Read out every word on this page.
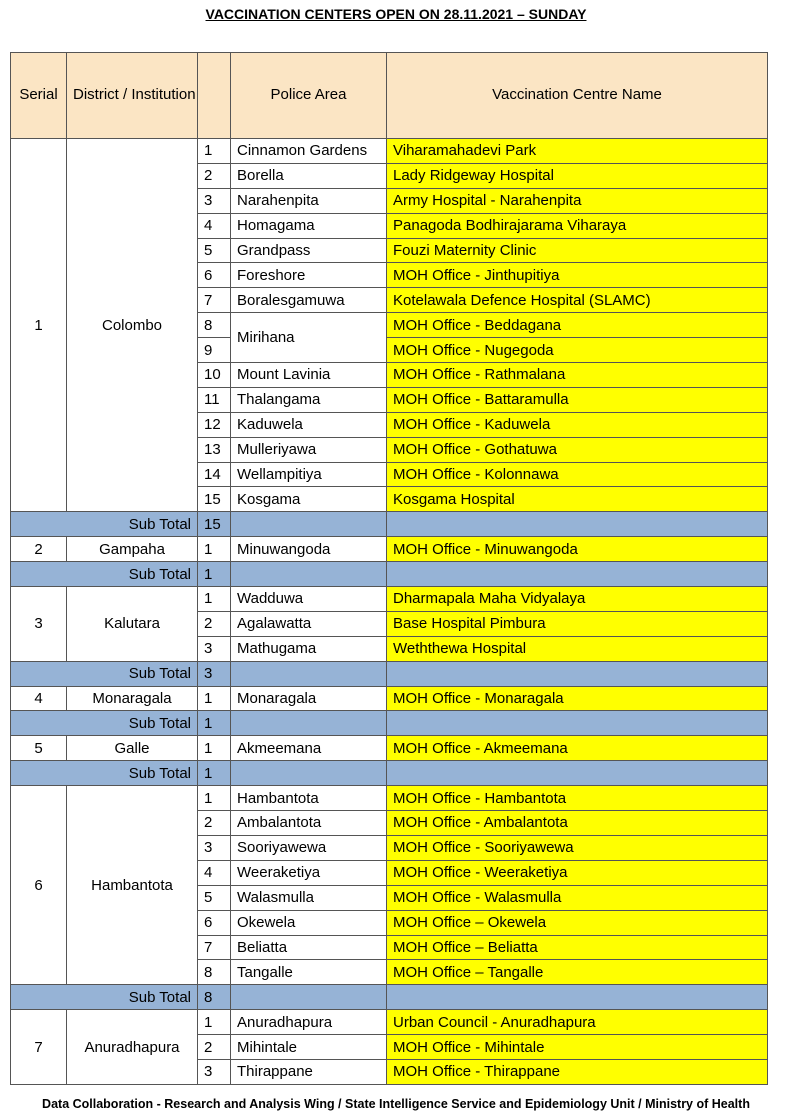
VACCINATION CENTERS OPEN ON 28.11.2021 – SUNDAY
Serial	District / Institution		Police Area	Vaccination Centre Name
1	Colombo	1	Cinnamon Gardens	Viharamahadevi Park
		2	Borella	Lady Ridgeway Hospital
		3	Narahenpita	Army Hospital - Narahenpita
		4	Homagama	Panagoda Bodhirajarama Viharaya
		5	Grandpass	Fouzi Maternity Clinic
		6	Foreshore	MOH Office - Jinthupitiya
		7	Boralesgamuwa	Kotelawala Defence Hospital (SLAMC)
		8	Mirihana	MOH Office - Beddagana
		9		MOH Office - Nugegoda
		10	Mount Lavinia	MOH Office - Rathmalana
		11	Thalangama	MOH Office - Battaramulla
		12	Kaduwela	MOH Office - Kaduwela
		13	Mulleriyawa	MOH Office - Gothatuwa
		14	Wellampitiya	MOH Office - Kolonnawa
		15	Kosgama	Kosgama Hospital
Sub Total		15		
2	Gampaha	1	Minuwangoda	MOH Office - Minuwangoda
Sub Total		1		
3	Kalutara	1	Wadduwa	Dharmapala Maha Vidyalaya
		2	Agalawatta	Base Hospital Pimbura
		3	Mathugama	Weththewa Hospital
Sub Total		3		
4	Monaragala	1	Monaragala	MOH Office - Monaragala
Sub Total		1		
5	Galle	1	Akmeemana	MOH Office - Akmeemana
Sub Total		1		
6	Hambantota	1	Hambantota	MOH Office - Hambantota
		2	Ambalantota	MOH Office - Ambalantota
		3	Sooriyawewa	MOH Office - Sooriyawewa
		4	Weeraketiya	MOH Office - Weeraketiya
		5	Walasmulla	MOH Office - Walasmulla
		6	Okewela	MOH Office – Okewela
		7	Beliatta	MOH Office – Beliatta
		8	Tangalle	MOH Office – Tangalle
Sub Total		8		
7	Anuradhapura	1	Anuradhapura	Urban Council - Anuradhapura
		2	Mihintale	MOH Office - Mihintale
		3	Thirappane	MOH Office - Thirappane
Data Collaboration - Research and Analysis Wing / State Intelligence Service and Epidemiology Unit / Ministry of Health
